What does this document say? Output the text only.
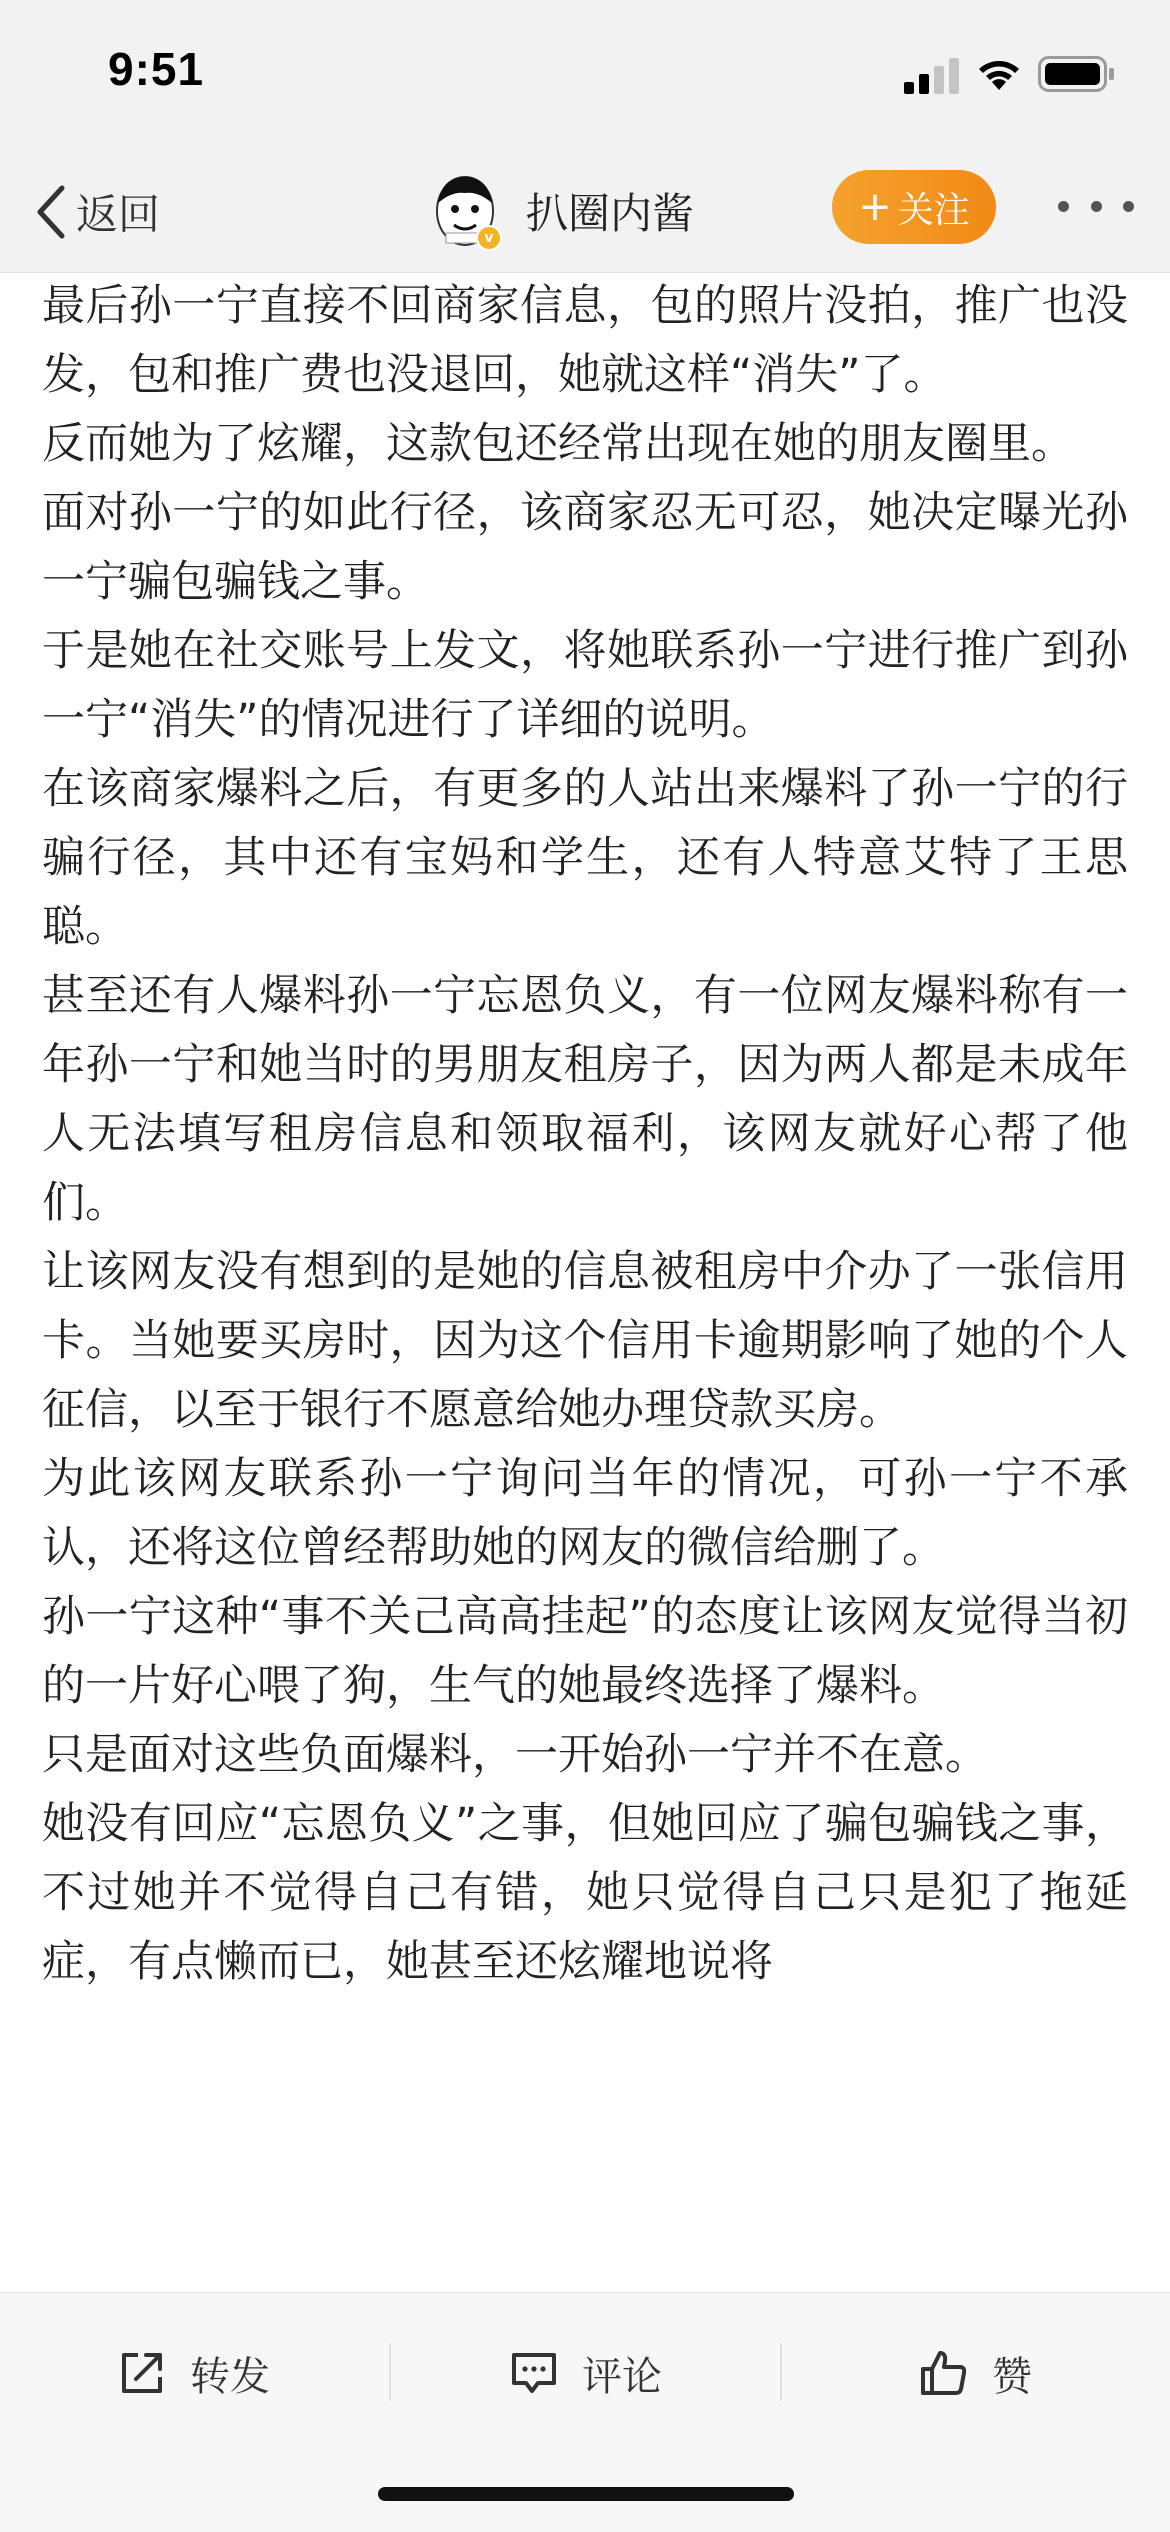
9:51
返回	v 扒圈内酱	+ 关注

最后孙一宁直接不回商家信息，包的照片没拍，推广也没发，包和推广费也没退回，她就这样“消失”了。

反而她为了炫耀，这款包还经常出现在她的朋友圈里。

面对孙一宁的如此行径，该商家忍无可忍，她决定曝光孙一宁骗包骗钱之事。

于是她在社交账号上发文，将她联系孙一宁进行推广到孙一宁“消失”的情况进行了详细的说明。

在该商家爆料之后，有更多的人站出来爆料了孙一宁的行骗行径，其中还有宝妈和学生，还有人特意艾特了王思聪。

甚至还有人爆料孙一宁忘恩负义，有一位网友爆料称有一年孙一宁和她当时的男朋友租房子，因为两人都是未成年人无法填写租房信息和领取福利，该网友就好心帮了他们。

让该网友没有想到的是她的信息被租房中介办了一张信用卡。当她要买房时，因为这个信用卡逾期影响了她的个人征信，以至于银行不愿意给她办理贷款买房。

为此该网友联系孙一宁询问当年的情况，可孙一宁不承认，还将这位曾经帮助她的网友的微信给删了。

孙一宁这种“事不关己高高挂起”的态度让该网友觉得当初的一片好心喂了狗，生气的她最终选择了爆料。

只是面对这些负面爆料，一开始孙一宁并不在意。

她没有回应“忘恩负义”之事，但她回应了骗包骗钱之事，不过她并不觉得自己有错，她只觉得自己只是犯了拖延症，有点懒而已，她甚至还炫耀地说将

转发	评论	赞
